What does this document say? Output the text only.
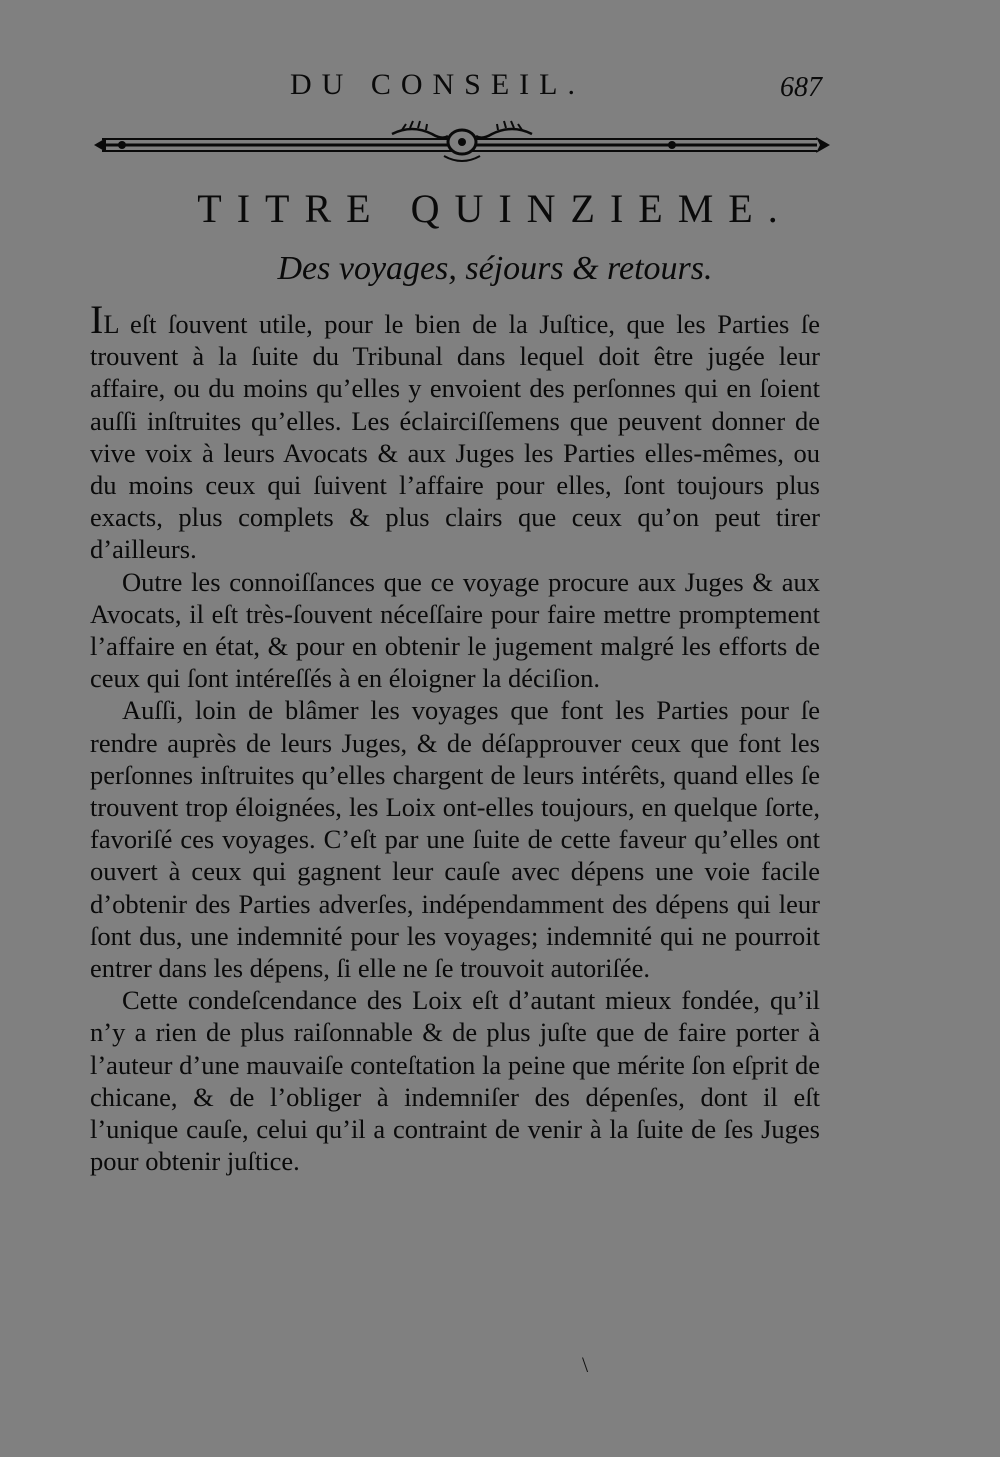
DU CONSEIL.	687
TITRE QUINZIEME.
Des voyages, séjours & retours.

IL eſt ſouvent utile, pour le bien de la Juſtice, que les Parties ſe trouvent à la ſuite du Tribunal dans lequel doit être jugée leur affaire, ou du moins qu’elles y envoient des perſonnes qui en ſoient auſſi inſtruites qu’elles. Les éclairciſſemens que peuvent donner de vive voix à leurs Avocats & aux Juges les Parties elles-mêmes, ou du moins ceux qui ſuivent l’affaire pour elles, ſont toujours plus exacts, plus complets & plus clairs que ceux qu’on peut tirer d’ailleurs.

Outre les connoiſſances que ce voyage procure aux Juges & aux Avocats, il eſt très-ſouvent néceſſaire pour faire mettre promptement l’affaire en état, & pour en obtenir le jugement malgré les efforts de ceux qui ſont intéreſſés à en éloigner la déciſion.

Auſſi, loin de blâmer les voyages que font les Parties pour ſe rendre auprès de leurs Juges, & de déſapprouver ceux que font les perſonnes inſtruites qu’elles chargent de leurs intérêts, quand elles ſe trouvent trop éloignées, les Loix ont-elles toujours, en quelque ſorte, favoriſé ces voyages. C’eſt par une ſuite de cette faveur qu’elles ont ouvert à ceux qui gagnent leur cauſe avec dépens une voie facile d’obtenir des Parties adverſes, indépendamment des dépens qui leur ſont dus, une indemnité pour les voyages; indemnité qui ne pourroit entrer dans les dépens, ſi elle ne ſe trouvoit autoriſée.

Cette condeſcendance des Loix eſt d’autant mieux fondée, qu’il n’y a rien de plus raiſonnable & de plus juſte que de faire porter à l’auteur d’une mauvaiſe conteſtation la peine que mérite ſon eſprit de chicane, & de l’obliger à indemniſer des dépenſes, dont il eſt l’unique cauſe, celui qu’il a contraint de venir à la ſuite de ſes Juges pour obtenir juſtice.

\
